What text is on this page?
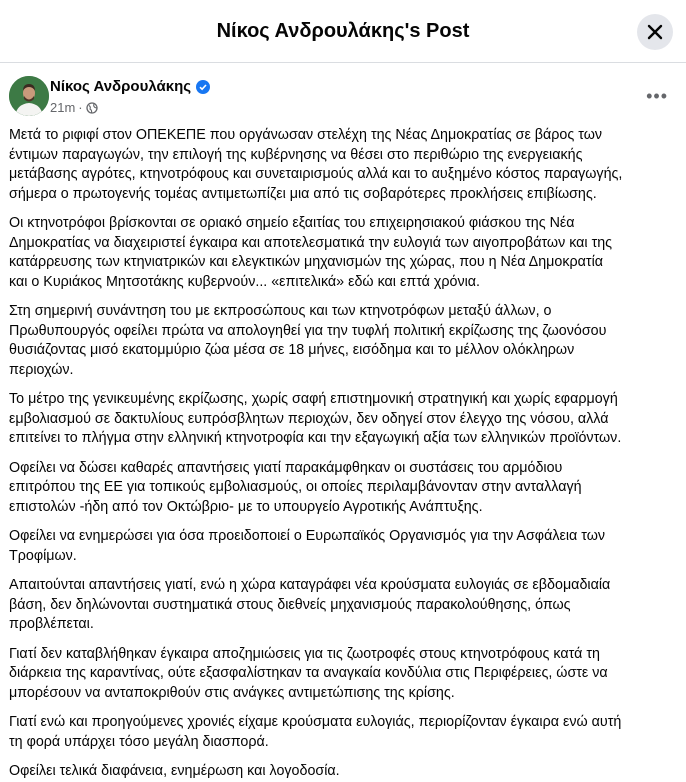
Νίκος Ανδρουλάκης's Post
Νίκος Ανδρουλάκης
21m ·
•••
Μετά το ριφιφί στον ΟΠΕΚΕΠΕ που οργάνωσαν στελέχη της Νέας Δημοκρατίας σε βάρος των
έντιμων παραγωγών, την επιλογή της κυβέρνησης να θέσει στο περιθώριο της ενεργειακής
μετάβασης αγρότες, κτηνοτρόφους και συνεταιρισμούς αλλά και το αυξημένο κόστος παραγωγής,
σήμερα ο πρωτογενής τομέας αντιμετωπίζει μια από τις σοβαρότερες προκλήσεις επιβίωσης.
Οι κτηνοτρόφοι βρίσκονται σε οριακό σημείο εξαιτίας του επιχειρησιακού φιάσκου της Νέα
Δημοκρατίας να διαχειριστεί έγκαιρα και αποτελεσματικά την ευλογιά των αιγοπροβάτων και της
κατάρρευσης των κτηνιατρικών και ελεγκτικών μηχανισμών της χώρας, που η Νέα Δημοκρατία
και ο Κυριάκος Μητσοτάκης κυβερνούν... «επιτελικά» εδώ και επτά χρόνια.
Στη σημερινή συνάντηση του με εκπροσώπους και των κτηνοτρόφων μεταξύ άλλων, ο
Πρωθυπουργός οφείλει πρώτα να απολογηθεί για την τυφλή πολιτική εκρίζωσης της ζωονόσου
θυσιάζοντας μισό εκατομμύριο ζώα μέσα σε 18 μήνες, εισόδημα και το μέλλον ολόκληρων
περιοχών.
Το μέτρο της γενικευμένης εκρίζωσης, χωρίς σαφή επιστημονική στρατηγική και χωρίς εφαρμογή
εμβολιασμού σε δακτυλίους ευπρόσβλητων περιοχών, δεν οδηγεί στον έλεγχο της νόσου, αλλά
επιτείνει το πλήγμα στην ελληνική κτηνοτροφία και την εξαγωγική αξία των ελληνικών προϊόντων.
Οφείλει να δώσει καθαρές απαντήσεις γιατί παρακάμφθηκαν οι συστάσεις του αρμόδιου
επιτρόπου της ΕΕ για τοπικούς εμβολιασμούς, οι οποίες περιλαμβάνονταν στην ανταλλαγή
επιστολών -ήδη από τον Οκτώβριο- με το υπουργείο Αγροτικής Ανάπτυξης.
Οφείλει να ενημερώσει για όσα προειδοποιεί ο Ευρωπαϊκός Οργανισμός για την Ασφάλεια των
Τροφίμων.
Απαιτούνται απαντήσεις γιατί, ενώ η χώρα καταγράφει νέα κρούσματα ευλογιάς σε εβδομαδιαία
βάση, δεν δηλώνονται συστηματικά στους διεθνείς μηχανισμούς παρακολούθησης, όπως
προβλέπεται.
Γιατί δεν καταβλήθηκαν έγκαιρα αποζημιώσεις για τις ζωοτροφές στους κτηνοτρόφους κατά τη
διάρκεια της καραντίνας, ούτε εξασφαλίστηκαν τα αναγκαία κονδύλια στις Περιφέρειες, ώστε να
μπορέσουν να ανταποκριθούν στις ανάγκες αντιμετώπισης της κρίσης.
Γιατί ενώ και προηγούμενες χρονιές είχαμε κρούσματα ευλογιάς, περιορίζονταν έγκαιρα ενώ αυτή
τη φορά υπάρχει τόσο μεγάλη διασπορά.
Οφείλει τελικά διαφάνεια, ενημέρωση και λογοδοσία.
